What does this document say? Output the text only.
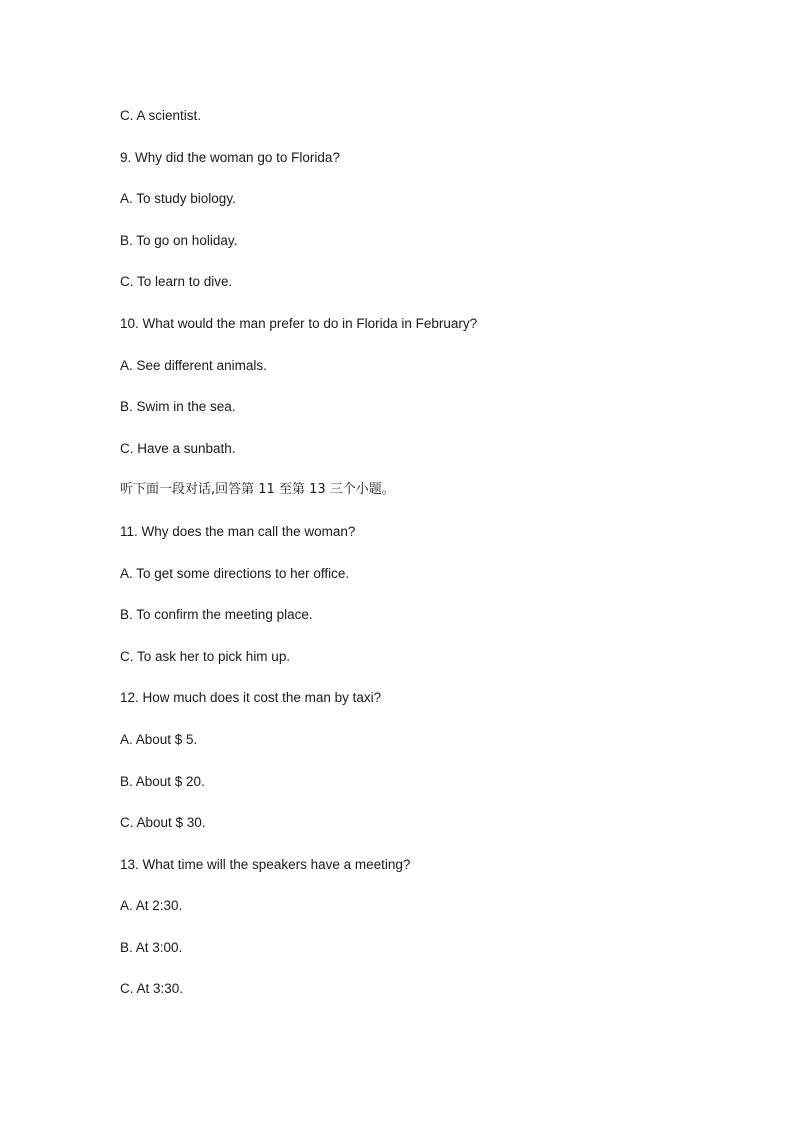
C. A scientist.
9. Why did the woman go to Florida?
A. To study biology.
B. To go on holiday.
C. To learn to dive.
10. What would the man prefer to do in Florida in February?
A. See different animals.
B. Swim in the sea.
C. Have a sunbath.
听下面一段对话,回答第 11 至第 13 三个小题。
11. Why does the man call the woman?
A. To get some directions to her office.
B. To confirm the meeting place.
C. To ask her to pick him up.
12. How much does it cost the man by taxi?
A. About $ 5.
B. About $ 20.
C. About $ 30.
13. What time will the speakers have a meeting?
A. At 2:30.
B. At 3:00.
C. At 3:30.
